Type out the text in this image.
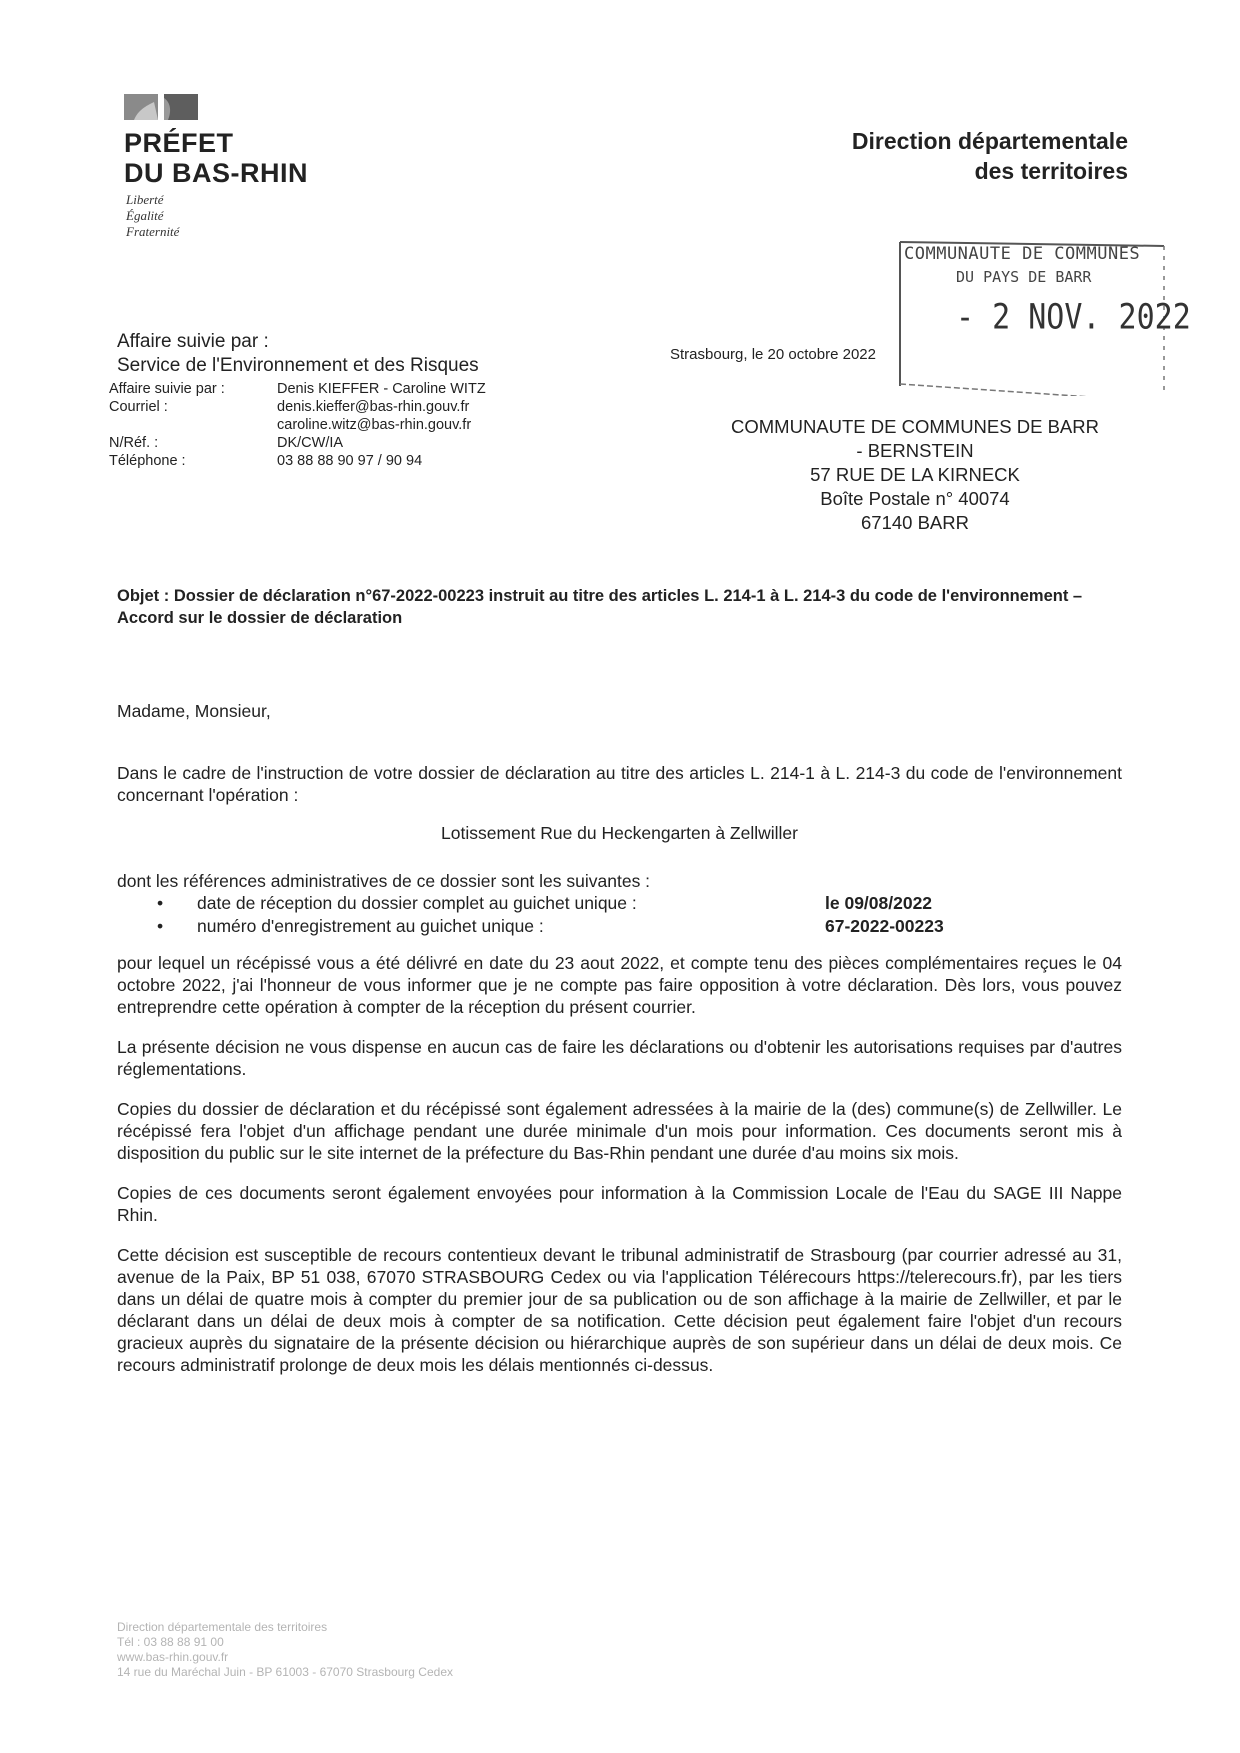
PRÉFET
DU BAS-RHIN
Liberté
Égalité
Fraternité
Direction départementale
des territoires
COMMUNAUTE DE COMMUNES
DU PAYS DE BARR
- 2 NOV. 2022
Affaire suivie par :
Service de l'Environnement et des Risques
Affaire suivie par :	Denis KIEFFER - Caroline WITZ
Courriel :	denis.kieffer@bas-rhin.gouv.fr
caroline.witz@bas-rhin.gouv.fr
N/Réf. :	DK/CW/IA
Téléphone :	03 88 88 90 97 / 90 94
Strasbourg, le 20 octobre 2022
COMMUNAUTE DE COMMUNES DE BARR
- BERNSTEIN
57 RUE DE LA KIRNECK
Boîte Postale n° 40074
67140 BARR
Objet : Dossier de déclaration n°67-2022-00223 instruit au titre des articles L. 214-1 à L. 214-3 du code de l'environnement – Accord sur le dossier de déclaration

Madame, Monsieur,

Dans le cadre de l'instruction de votre dossier de déclaration au titre des articles L. 214-1 à L. 214-3 du code de l'environnement concernant l'opération :

Lotissement Rue du Heckengarten à Zellwiller

dont les références administratives de ce dossier sont les suivantes :

•	date de réception du dossier complet au guichet unique :	le 09/08/2022
•	numéro d'enregistrement au guichet unique :	67-2022-00223

pour lequel un récépissé vous a été délivré en date du 23 aout 2022, et compte tenu des pièces complémentaires reçues le 04 octobre 2022, j'ai l'honneur de vous informer que je ne compte pas faire opposition à votre déclaration. Dès lors, vous pouvez entreprendre cette opération à compter de la réception du présent courrier.

La présente décision ne vous dispense en aucun cas de faire les déclarations ou d'obtenir les autorisations requises par d'autres réglementations.

Copies du dossier de déclaration et du récépissé sont également adressées à la mairie de la (des) commune(s) de Zellwiller. Le récépissé fera l'objet d'un affichage pendant une durée minimale d'un mois pour information. Ces documents seront mis à disposition du public sur le site internet de la préfecture du Bas-Rhin pendant une durée d'au moins six mois.

Copies de ces documents seront également envoyées pour information à la Commission Locale de l'Eau du SAGE III Nappe Rhin.

Cette décision est susceptible de recours contentieux devant le tribunal administratif de Strasbourg (par courrier adressé au 31, avenue de la Paix, BP 51 038, 67070 STRASBOURG Cedex ou via l'application Télérecours https://telerecours.fr), par les tiers dans un délai de quatre mois à compter du premier jour de sa publication ou de son affichage à la mairie de Zellwiller, et par le déclarant dans un délai de deux mois à compter de sa notification. Cette décision peut également faire l'objet d'un recours gracieux auprès du signataire de la présente décision ou hiérarchique auprès de son supérieur dans un délai de deux mois. Ce recours administratif prolonge de deux mois les délais mentionnés ci-dessus.

Direction départementale des territoires
Tél : 03 88 88 91 00
www.bas-rhin.gouv.fr
14 rue du Maréchal Juin - BP 61003 - 67070 Strasbourg Cedex
